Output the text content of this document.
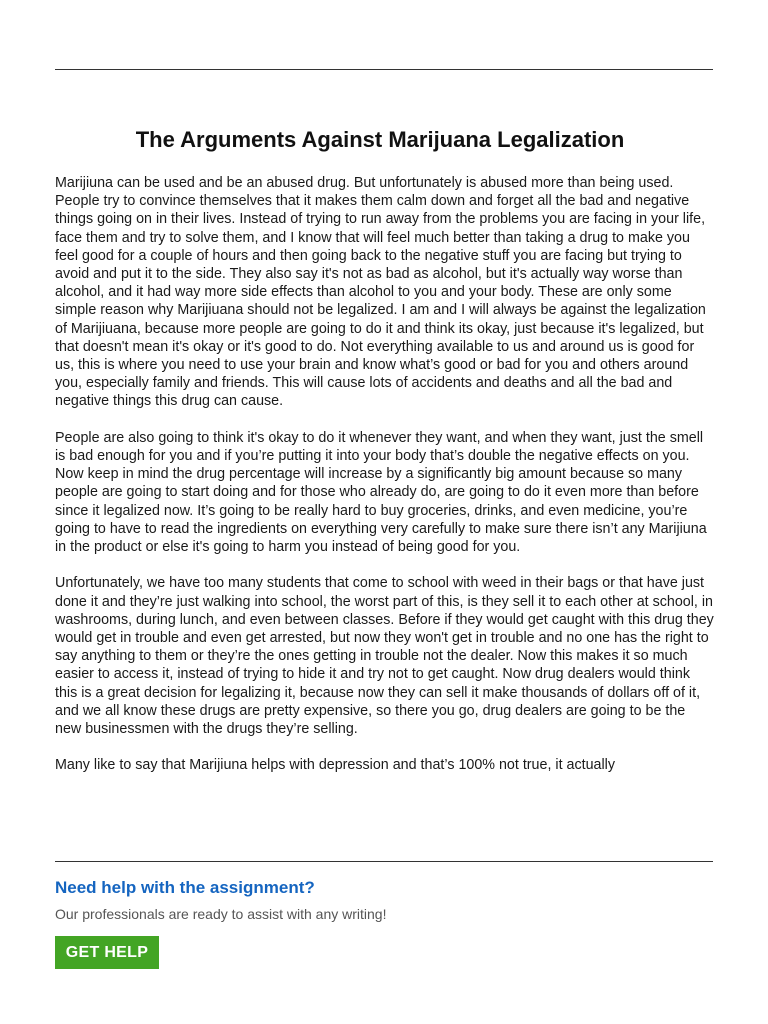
The Arguments Against Marijuana Legalization

Marijiuna can be used and be an abused drug. But unfortunately is abused more than being used. People try to convince themselves that it makes them calm down and forget all the bad and negative things going on in their lives. Instead of trying to run away from the problems you are facing in your life, face them and try to solve them, and I know that will feel much better than taking a drug to make you feel good for a couple of hours and then going back to the negative stuff you are facing but trying to avoid and put it to the side. They also say it's not as bad as alcohol, but it's actually way worse than alcohol, and it had way more side effects than alcohol to you and your body. These are only some simple reason why Marijiuana should not be legalized. I am and I will always be against the legalization of Marijiuana, because more people are going to do it and think its okay, just because it's legalized, but that doesn't mean it's okay or it's good to do. Not everything available to us and around us is good for us, this is where you need to use your brain and know what’s good or bad for you and others around you, especially family and friends. This will cause lots of accidents and deaths and all the bad and negative things this drug can cause.

People are also going to think it's okay to do it whenever they want, and when they want, just the smell is bad enough for you and if you’re putting it into your body that’s double the negative effects on you. Now keep in mind the drug percentage will increase by a significantly big amount because so many people are going to start doing and for those who already do, are going to do it even more than before since it legalized now. It’s going to be really hard to buy groceries, drinks, and even medicine, you’re going to have to read the ingredients on everything very carefully to make sure there isn’t any Marijiuna in the product or else it's going to harm you instead of being good for you.

Unfortunately, we have too many students that come to school with weed in their bags or that have just done it and they’re just walking into school, the worst part of this, is they sell it to each other at school, in washrooms, during lunch, and even between classes. Before if they would get caught with this drug they would get in trouble and even get arrested, but now they won't get in trouble and no one has the right to say anything to them or they’re the ones getting in trouble not the dealer. Now this makes it so much easier to access it, instead of trying to hide it and try not to get caught. Now drug dealers would think this is a great decision for legalizing it, because now they can sell it make thousands of dollars off of it, and we all know these drugs are pretty expensive, so there you go, drug dealers are going to be the new businessmen with the drugs they’re selling.

Many like to say that Marijiuna helps with depression and that’s 100% not true, it actually

Need help with the assignment?

Our professionals are ready to assist with any writing!

GET HELP
